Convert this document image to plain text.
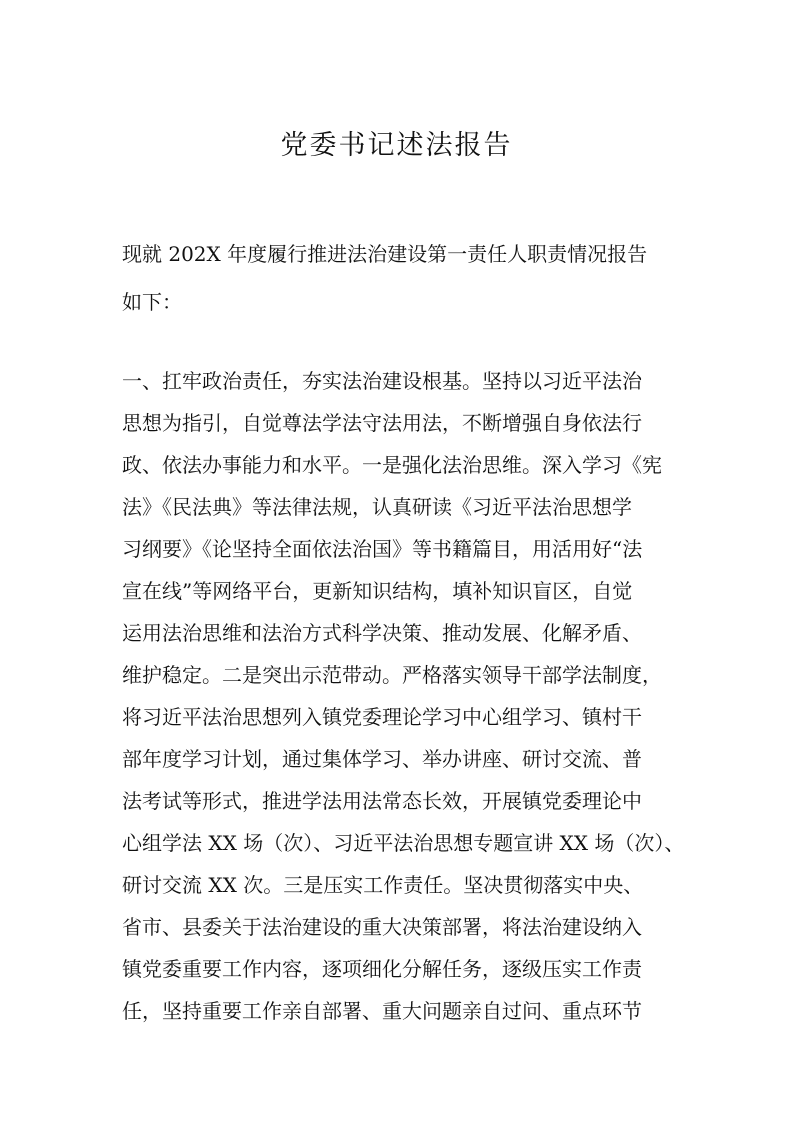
党委书记述法报告
现就 202X 年度履行推进法治建设第一责任人职责情况报告
如下：
一、扛牢政治责任，夯实法治建设根基。坚持以习近平法治
思想为指引，自觉尊法学法守法用法，不断增强自身依法行
政、依法办事能力和水平。一是强化法治思维。深入学习《宪
法》《民法典》等法律法规，认真研读《习近平法治思想学
习纲要》《论坚持全面依法治国》等书籍篇目，用活用好“法
宣在线”等网络平台，更新知识结构，填补知识盲区，自觉
运用法治思维和法治方式科学决策、推动发展、化解矛盾、
维护稳定。二是突出示范带动。严格落实领导干部学法制度，
将习近平法治思想列入镇党委理论学习中心组学习、镇村干
部年度学习计划，通过集体学习、举办讲座、研讨交流、普
法考试等形式，推进学法用法常态长效，开展镇党委理论中
心组学法 XX 场（次）、习近平法治思想专题宣讲 XX 场（次）、
研讨交流 XX 次。三是压实工作责任。坚决贯彻落实中央、
省市、县委关于法治建设的重大决策部署，将法治建设纳入
镇党委重要工作内容，逐项细化分解任务，逐级压实工作责
任，坚持重要工作亲自部署、重大问题亲自过问、重点环节
